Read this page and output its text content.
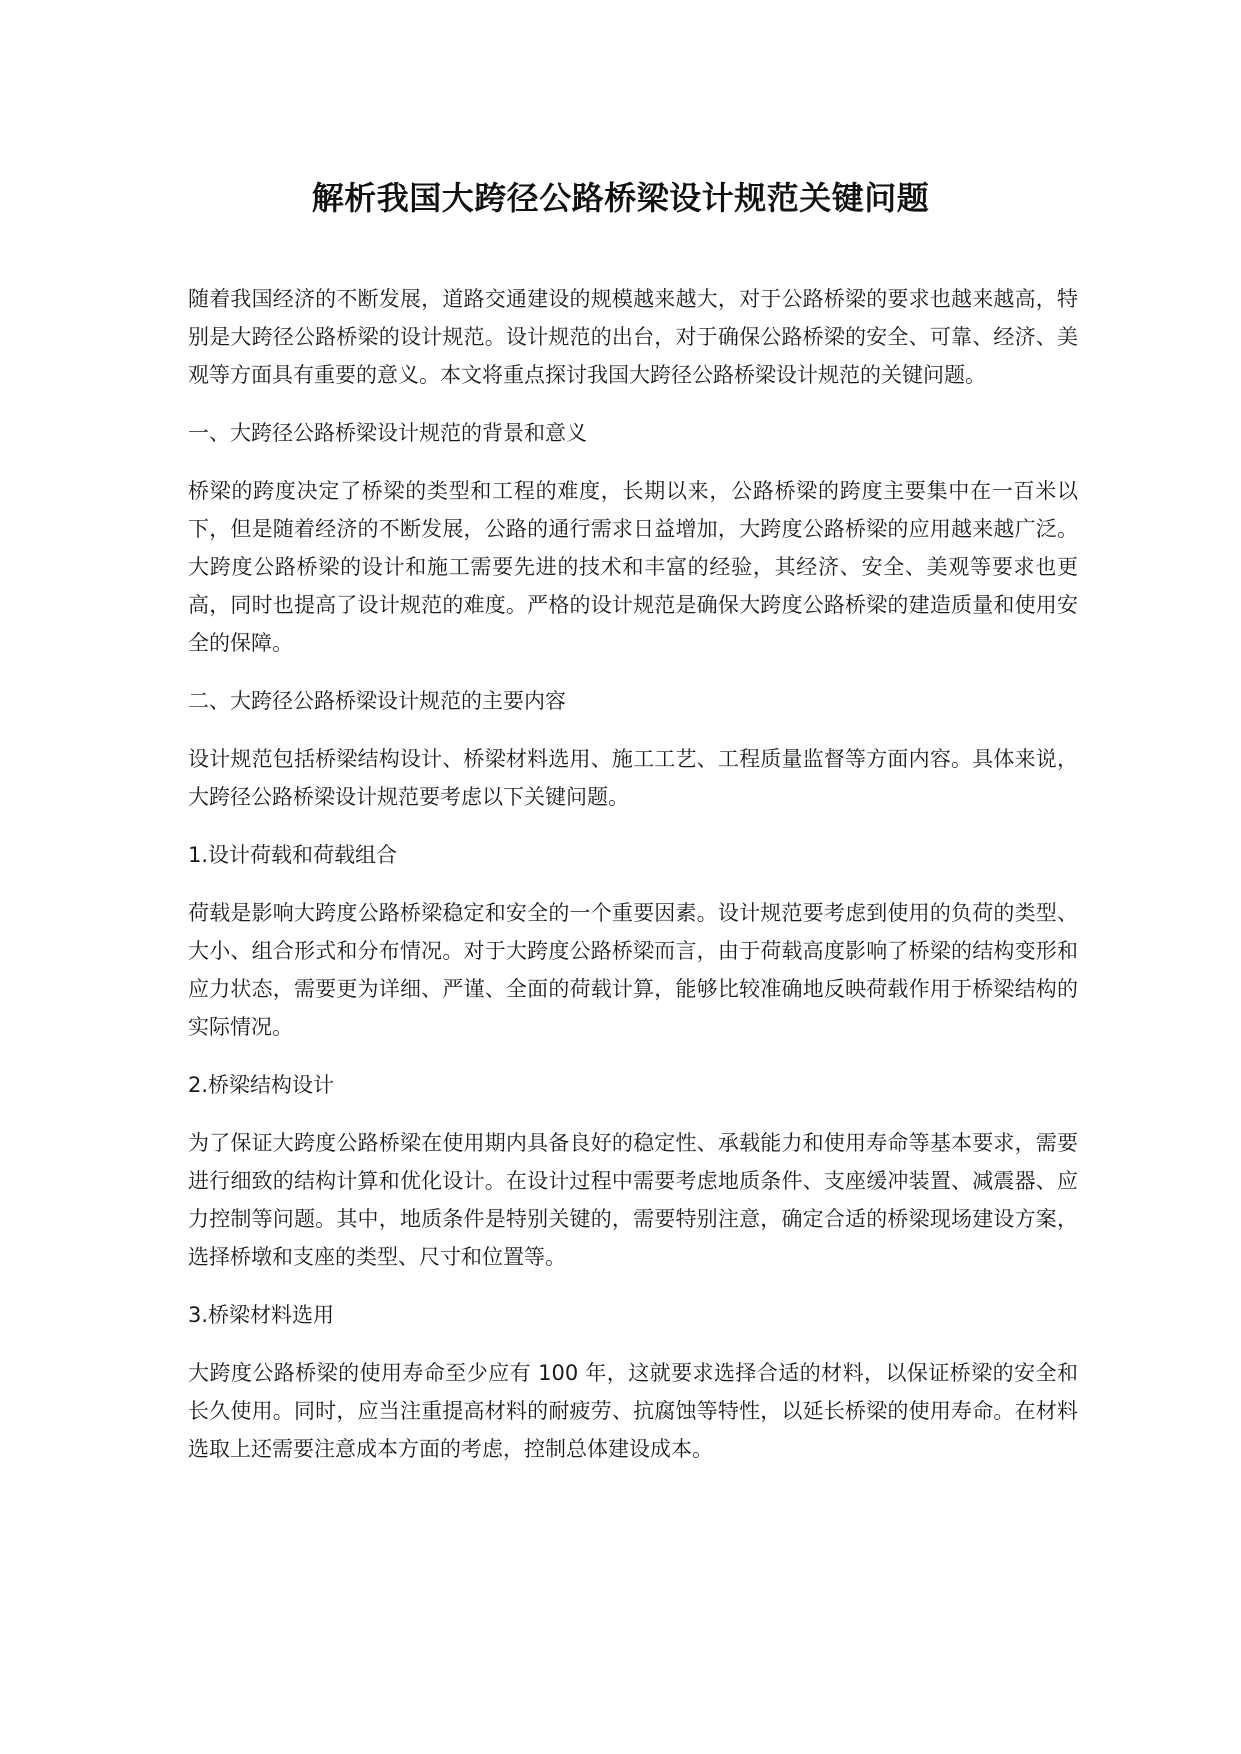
解析我国大跨径公路桥梁设计规范关键问题

随着我国经济的不断发展，道路交通建设的规模越来越大，对于公路桥梁的要求也越来越高，特别是大跨径公路桥梁的设计规范。设计规范的出台，对于确保公路桥梁的安全、可靠、经济、美观等方面具有重要的意义。本文将重点探讨我国大跨径公路桥梁设计规范的关键问题。

一、大跨径公路桥梁设计规范的背景和意义

桥梁的跨度决定了桥梁的类型和工程的难度，长期以来，公路桥梁的跨度主要集中在一百米以下，但是随着经济的不断发展，公路的通行需求日益增加，大跨度公路桥梁的应用越来越广泛。大跨度公路桥梁的设计和施工需要先进的技术和丰富的经验，其经济、安全、美观等要求也更高，同时也提高了设计规范的难度。严格的设计规范是确保大跨度公路桥梁的建造质量和使用安全的保障。

二、大跨径公路桥梁设计规范的主要内容

设计规范包括桥梁结构设计、桥梁材料选用、施工工艺、工程质量监督等方面内容。具体来说，大跨径公路桥梁设计规范要考虑以下关键问题。

1.设计荷载和荷载组合

荷载是影响大跨度公路桥梁稳定和安全的一个重要因素。设计规范要考虑到使用的负荷的类型、大小、组合形式和分布情况。对于大跨度公路桥梁而言，由于荷载高度影响了桥梁的结构变形和应力状态，需要更为详细、严谨、全面的荷载计算，能够比较准确地反映荷载作用于桥梁结构的实际情况。

2.桥梁结构设计

为了保证大跨度公路桥梁在使用期内具备良好的稳定性、承载能力和使用寿命等基本要求，需要进行细致的结构计算和优化设计。在设计过程中需要考虑地质条件、支座缓冲装置、减震器、应力控制等问题。其中，地质条件是特别关键的，需要特别注意，确定合适的桥梁现场建设方案，选择桥墩和支座的类型、尺寸和位置等。

3.桥梁材料选用

大跨度公路桥梁的使用寿命至少应有 100 年，这就要求选择合适的材料，以保证桥梁的安全和长久使用。同时，应当注重提高材料的耐疲劳、抗腐蚀等特性，以延长桥梁的使用寿命。在材料选取上还需要注意成本方面的考虑，控制总体建设成本。
